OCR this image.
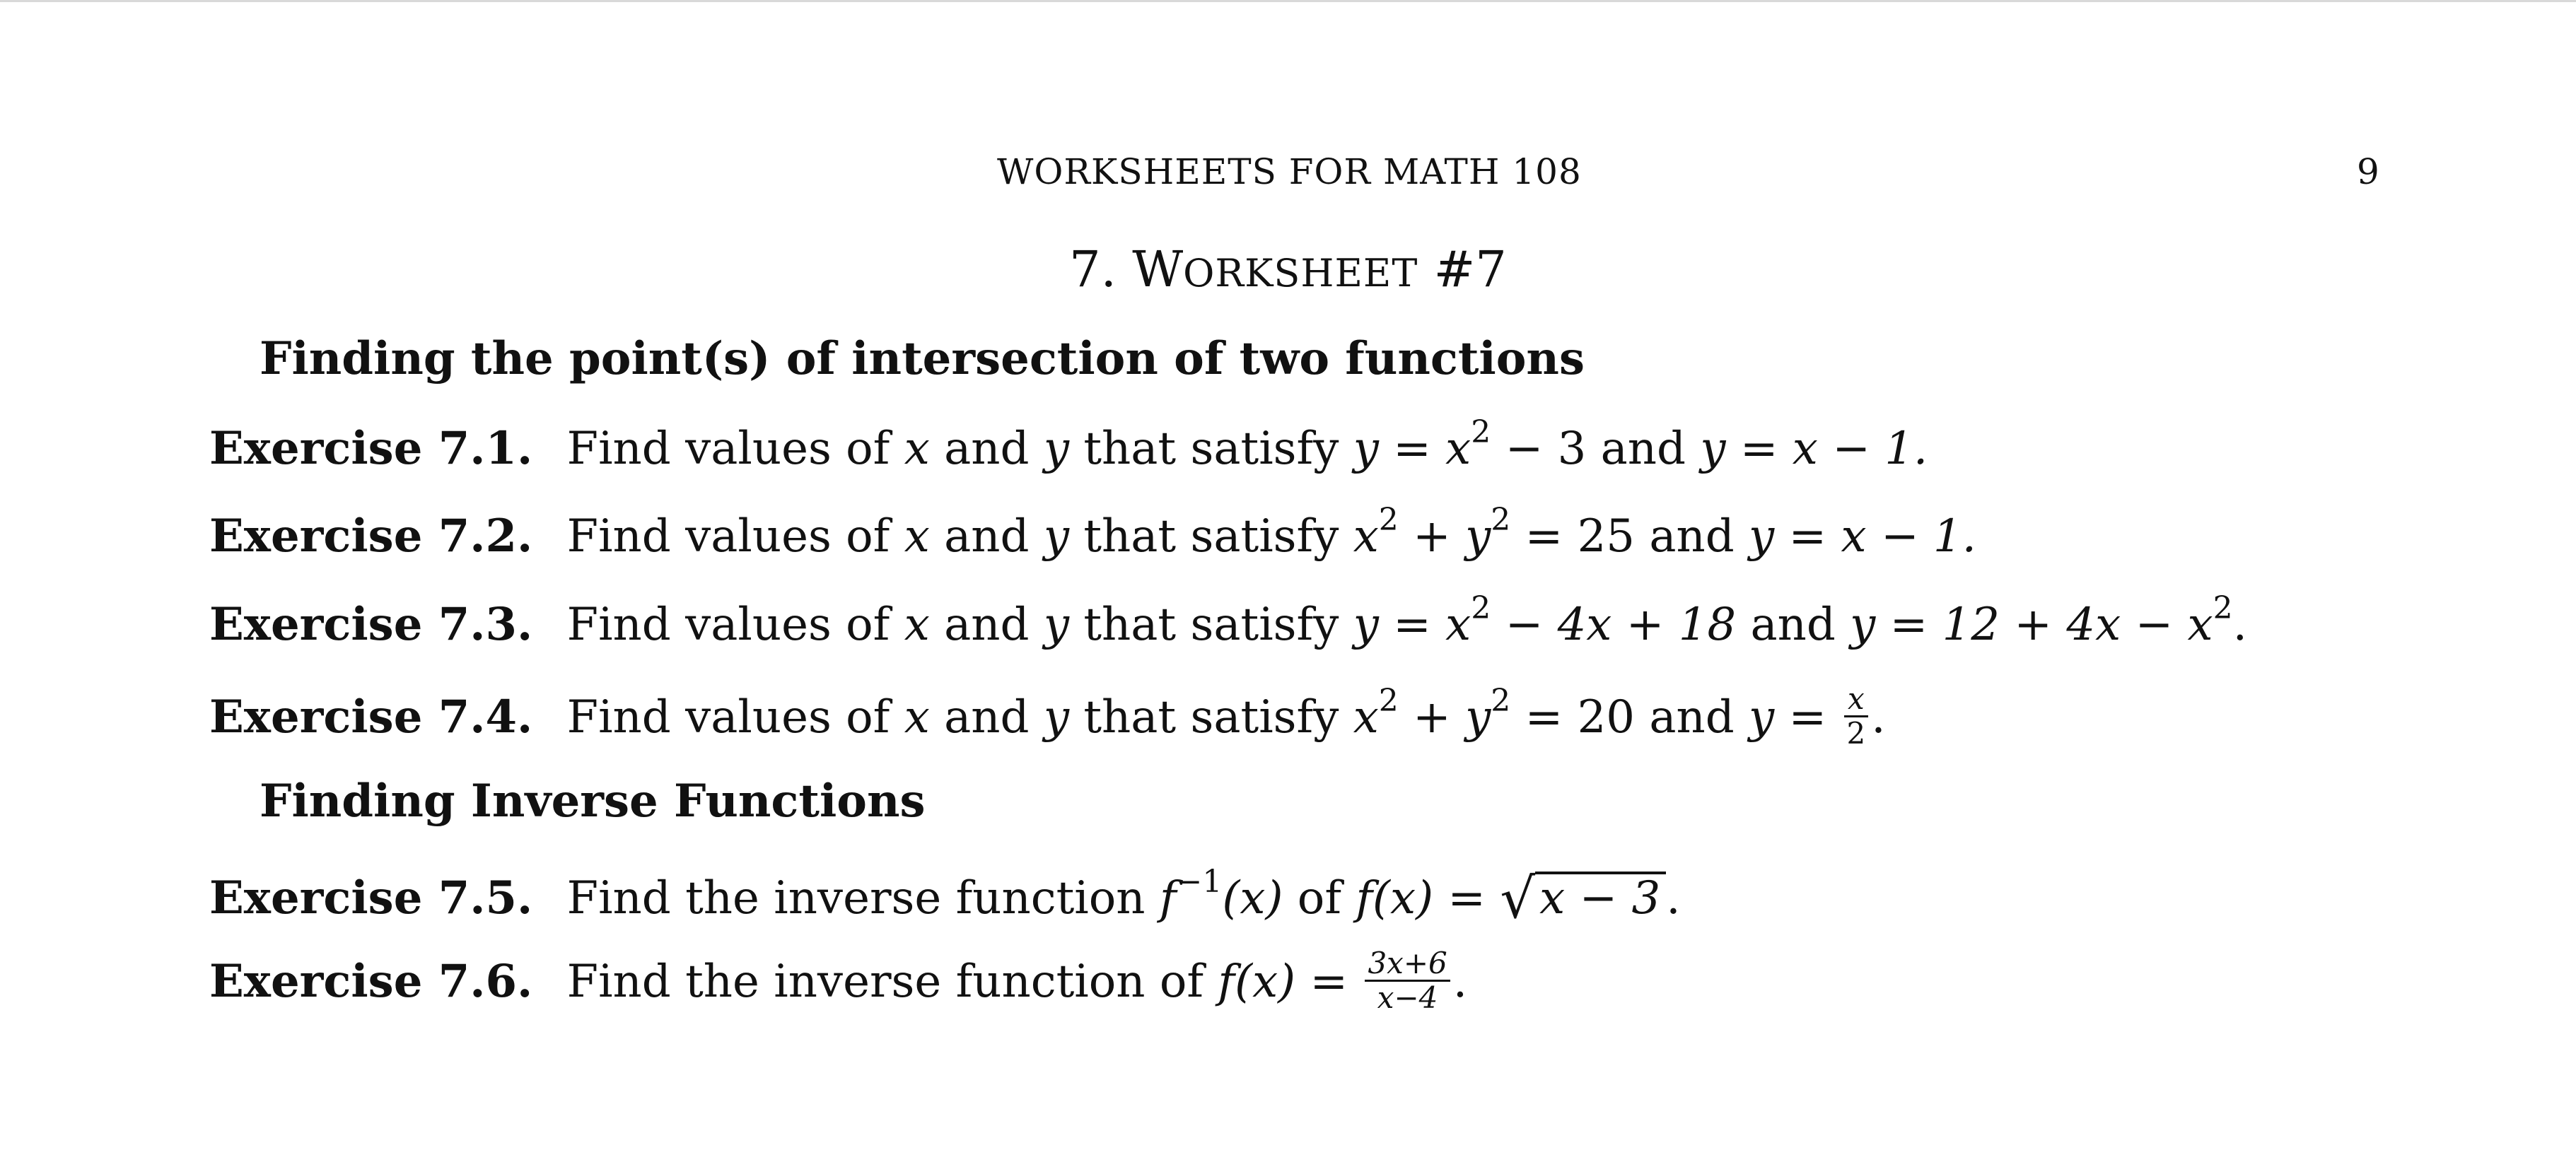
WORKSHEETS FOR MATH 108	9
7. WORKSHEET #7
Finding the point(s) of intersection of two functions
Exercise 7.1. Find values of x and y that satisfy $y = x^2 - 3$ and y = x − 1.
Exercise 7.2. Find values of x and y that satisfy $x^2 + y^2 = 25$ and y = x − 1.
Exercise 7.3. Find values of x and y that satisfy $y = x^2 - 4x + 18$ and $y = 12 + 4x - x^2$.
Exercise 7.4. Find values of x and y that satisfy $x^2 + y^2 = 20$ and $y = \frac{x}{2}$ .
Finding Inverse Functions
Exercise 7.5. Find the inverse function $f^{-1}(x)$ of f(x) = √x − 3 .
Exercise 7.6. Find the inverse function of $f(x) = \frac{3x+6}{x-4}$ .
